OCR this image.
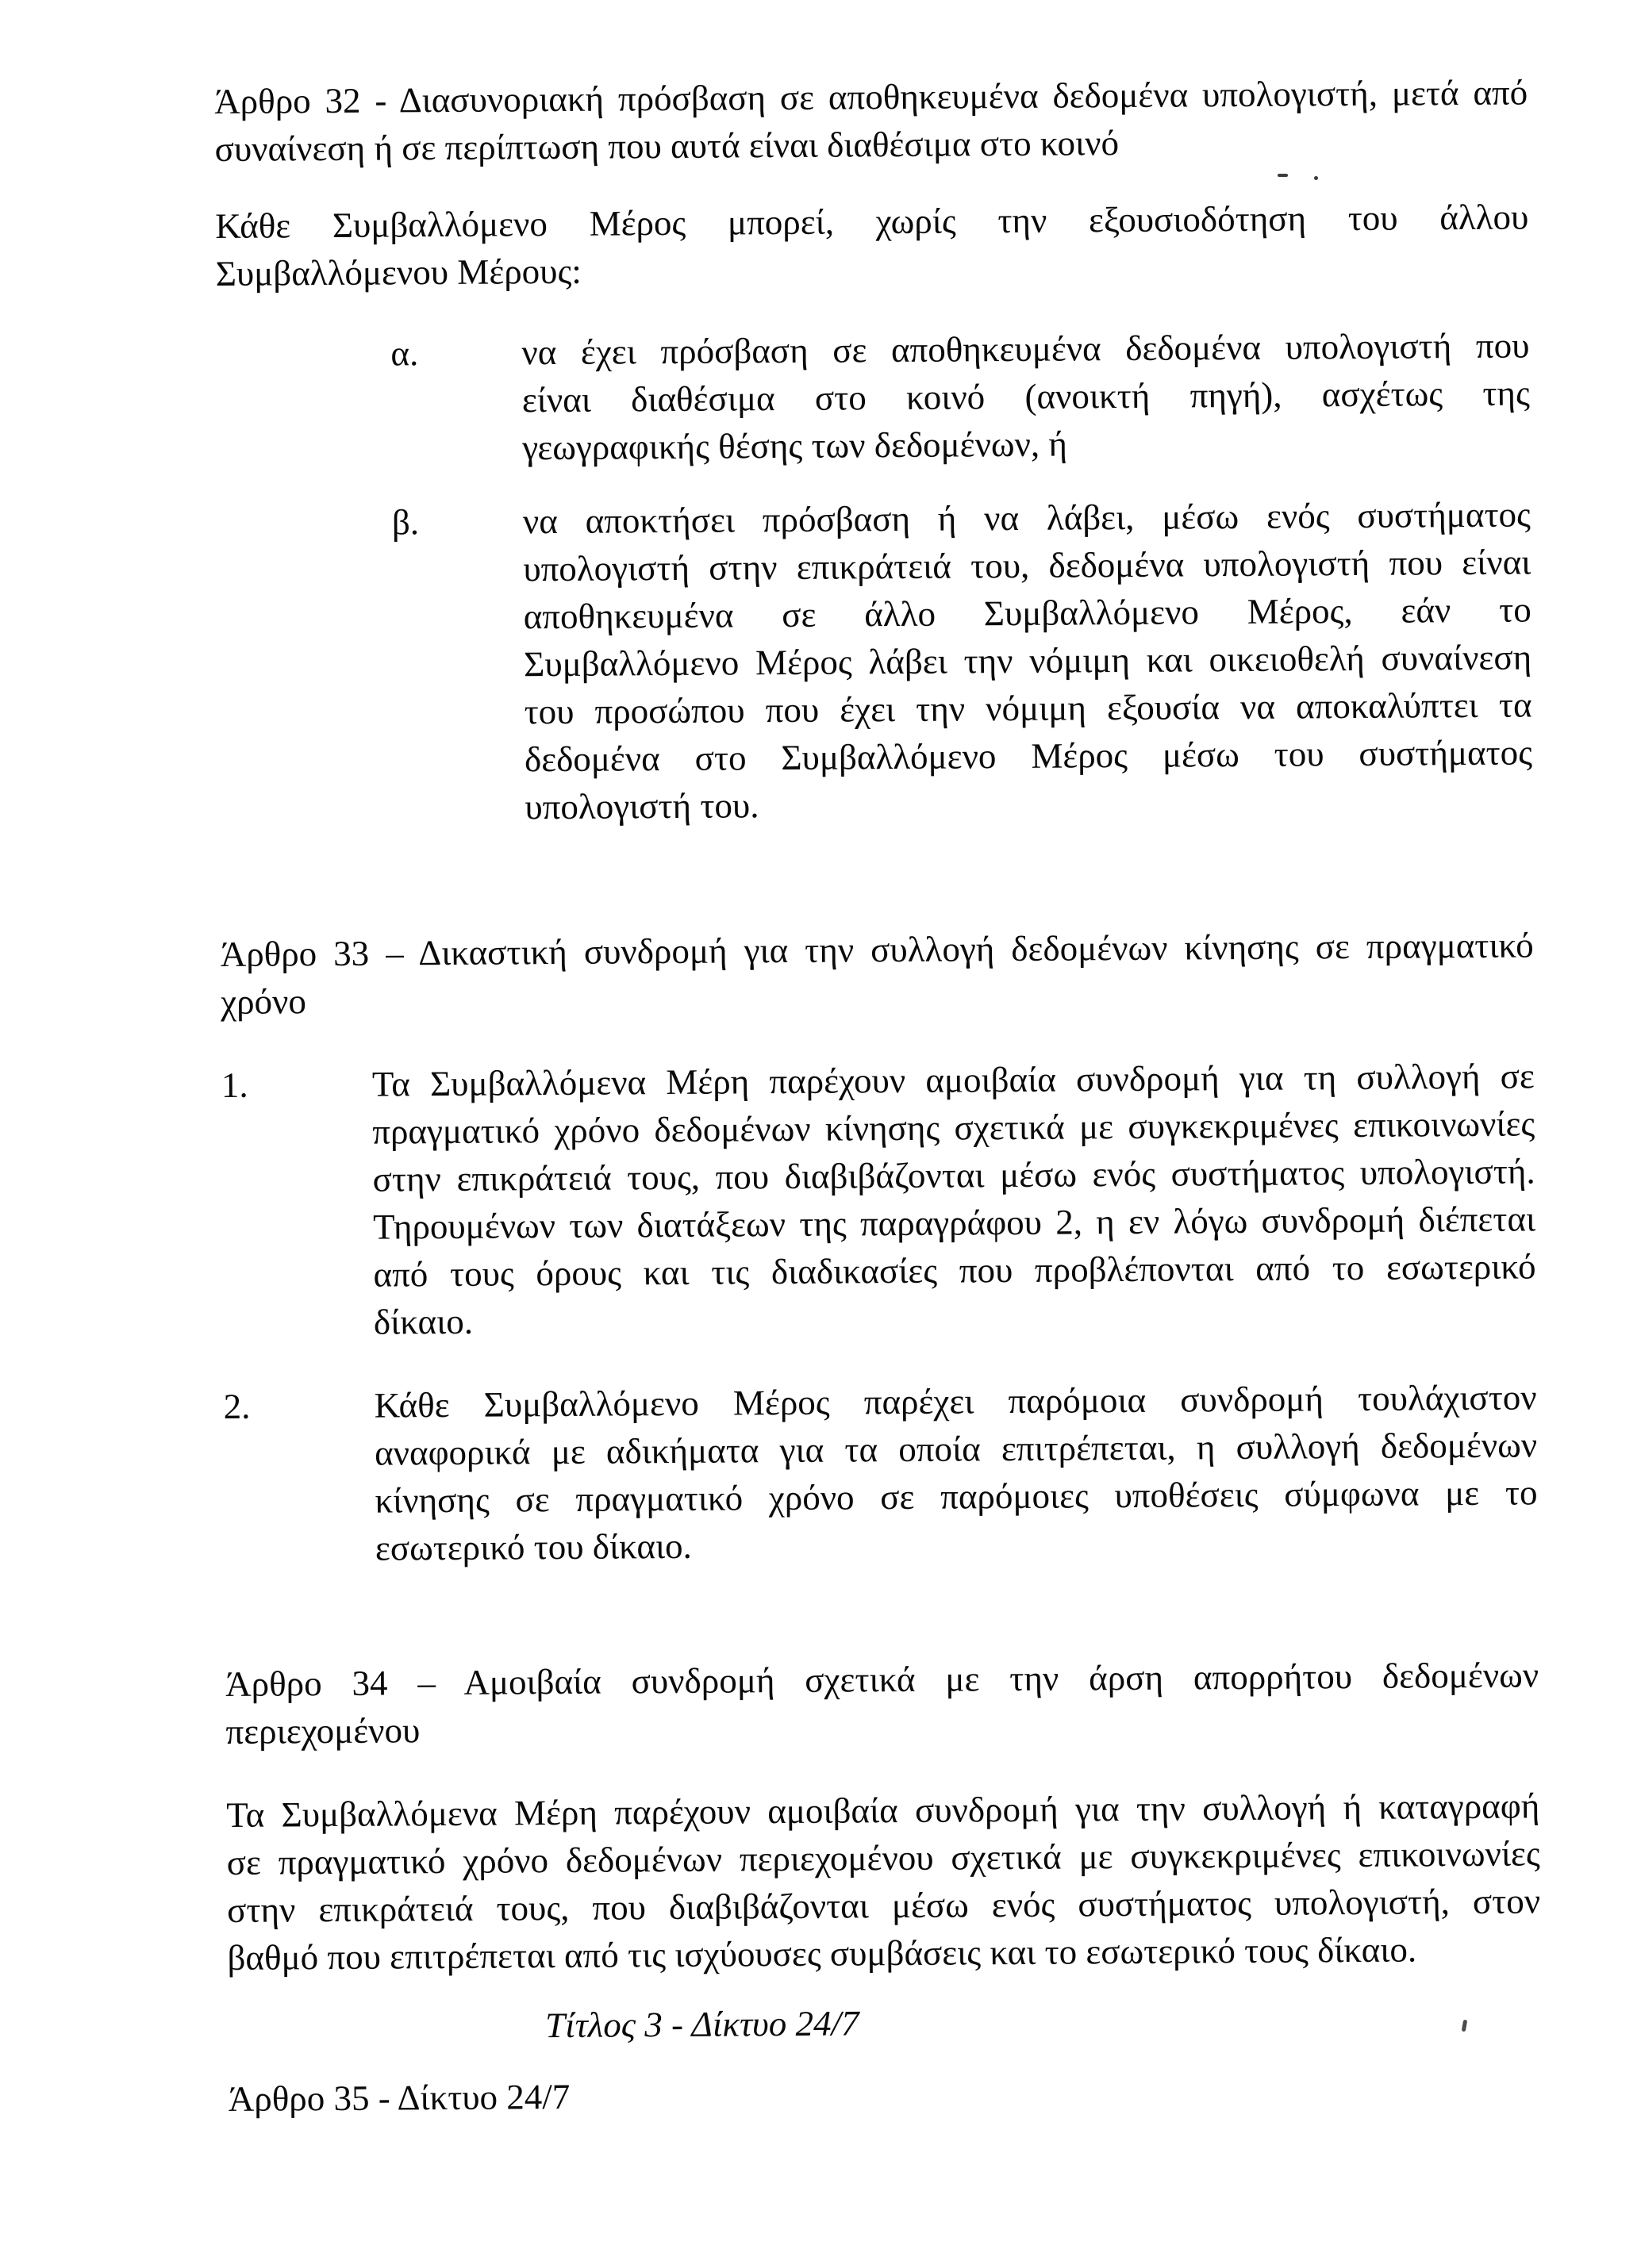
Άρθρο 32 - Διασυνοριακή πρόσβαση σε αποθηκευμένα δεδομένα υπολογιστή, μετά από
συναίνεση ή σε περίπτωση που αυτά είναι διαθέσιμα στο κοινό
Κάθε Συμβαλλόμενο Μέρος μπορεί, χωρίς την εξουσιοδότηση του άλλου
Συμβαλλόμενου Μέρους:
α.	να έχει πρόσβαση σε αποθηκευμένα δεδομένα υπολογιστή που
είναι διαθέσιμα στο κοινό (ανοικτή πηγή), ασχέτως της
γεωγραφικής θέσης των δεδομένων, ή
β.	να αποκτήσει πρόσβαση ή να λάβει, μέσω ενός συστήματος
υπολογιστή στην επικράτειά του, δεδομένα υπολογιστή που είναι
αποθηκευμένα σε άλλο Συμβαλλόμενο Μέρος, εάν το
Συμβαλλόμενο Μέρος λάβει την νόμιμη και οικειοθελή συναίνεση
του προσώπου που έχει την νόμιμη εξουσία να αποκαλύπτει τα
δεδομένα στο Συμβαλλόμενο Μέρος μέσω του συστήματος
υπολογιστή του.
Άρθρο 33 – Δικαστική συνδρομή για την συλλογή δεδομένων κίνησης σε πραγματικό
χρόνο
1.	Τα Συμβαλλόμενα Μέρη παρέχουν αμοιβαία συνδρομή για τη συλλογή σε
πραγματικό χρόνο δεδομένων κίνησης σχετικά με συγκεκριμένες επικοινωνίες
στην επικράτειά τους, που διαβιβάζονται μέσω ενός συστήματος υπολογιστή.
Τηρουμένων των διατάξεων της παραγράφου 2, η εν λόγω συνδρομή διέπεται
από τους όρους και τις διαδικασίες που προβλέπονται από το εσωτερικό
δίκαιο.
2.	Κάθε Συμβαλλόμενο Μέρος παρέχει παρόμοια συνδρομή τουλάχιστον
αναφορικά με αδικήματα για τα οποία επιτρέπεται, η συλλογή δεδομένων
κίνησης σε πραγματικό χρόνο σε παρόμοιες υποθέσεις σύμφωνα με το
εσωτερικό του δίκαιο.
Άρθρο 34 – Αμοιβαία συνδρομή σχετικά με την άρση απορρήτου δεδομένων
περιεχομένου
Τα Συμβαλλόμενα Μέρη παρέχουν αμοιβαία συνδρομή για την συλλογή ή καταγραφή
σε πραγματικό χρόνο δεδομένων περιεχομένου σχετικά με συγκεκριμένες επικοινωνίες
στην επικράτειά τους, που διαβιβάζονται μέσω ενός συστήματος υπολογιστή, στον
βαθμό που επιτρέπεται από τις ισχύουσες συμβάσεις και το εσωτερικό τους δίκαιο.
Τίτλος 3 - Δίκτυο 24/7
Άρθρο 35 - Δίκτυο 24/7
